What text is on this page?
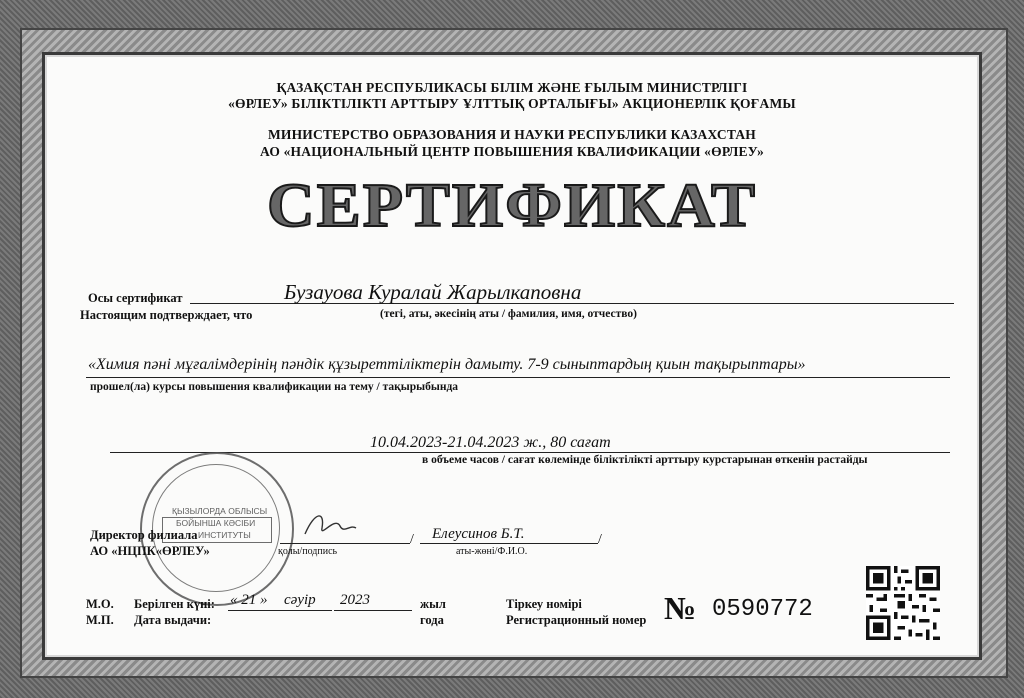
ҚАЗАҚСТАН РЕСПУБЛИКАСЫ БІЛІМ ЖӘНЕ ҒЫЛЫМ МИНИСТРЛІГІ
«ӨРЛЕУ» БІЛІКТІЛІКТІ АРТТЫРУ ҰЛТТЫҚ ОРТАЛЫҒЫ» АКЦИОНЕРЛІК ҚОҒАМЫ
МИНИСТЕРСТВО ОБРАЗОВАНИЯ И НАУКИ РЕСПУБЛИКИ КАЗАХСТАН
АО «НАЦИОНАЛЬНЫЙ ЦЕНТР ПОВЫШЕНИЯ КВАЛИФИКАЦИИ «ӨРЛЕУ»
СЕРТИФИКАТ
Осы сертификат	Бузауова Куралай Жарылкаповна
Настоящим подтверждает, что	(тегі, аты, әкесінің аты / фамилия, имя, отчество)
«Химия пәні мұғалімдерінің пәндік құзыреттіліктерін дамыту. 7-9 сыныптардың қиын тақырыптары»
прошел(ла) курсы повышения квалификации на тему / тақырыбында
10.04.2023-21.04.2023 ж., 80 сағат
в объеме часов / сағат көлемінде біліктілікті арттыру курстарынан өткенін растайды
ҚЫЗЫЛОРДА ОБЛЫСЫ
БОЙЫНША КӘСІБИ
ИНСТИТУТЫ
Директор филиала
АО «НЦПК«ӨРЛЕУ»
/
қолы/подпись
Елеусинов Б.Т.	/
аты-жөні/Ф.И.О.
М.О.
М.П.
Берілген күні:
Дата выдачи:
« 21 » сәуір 2023	жыл
года
Тіркеу номірі
Регистрационный номер № 0590772
